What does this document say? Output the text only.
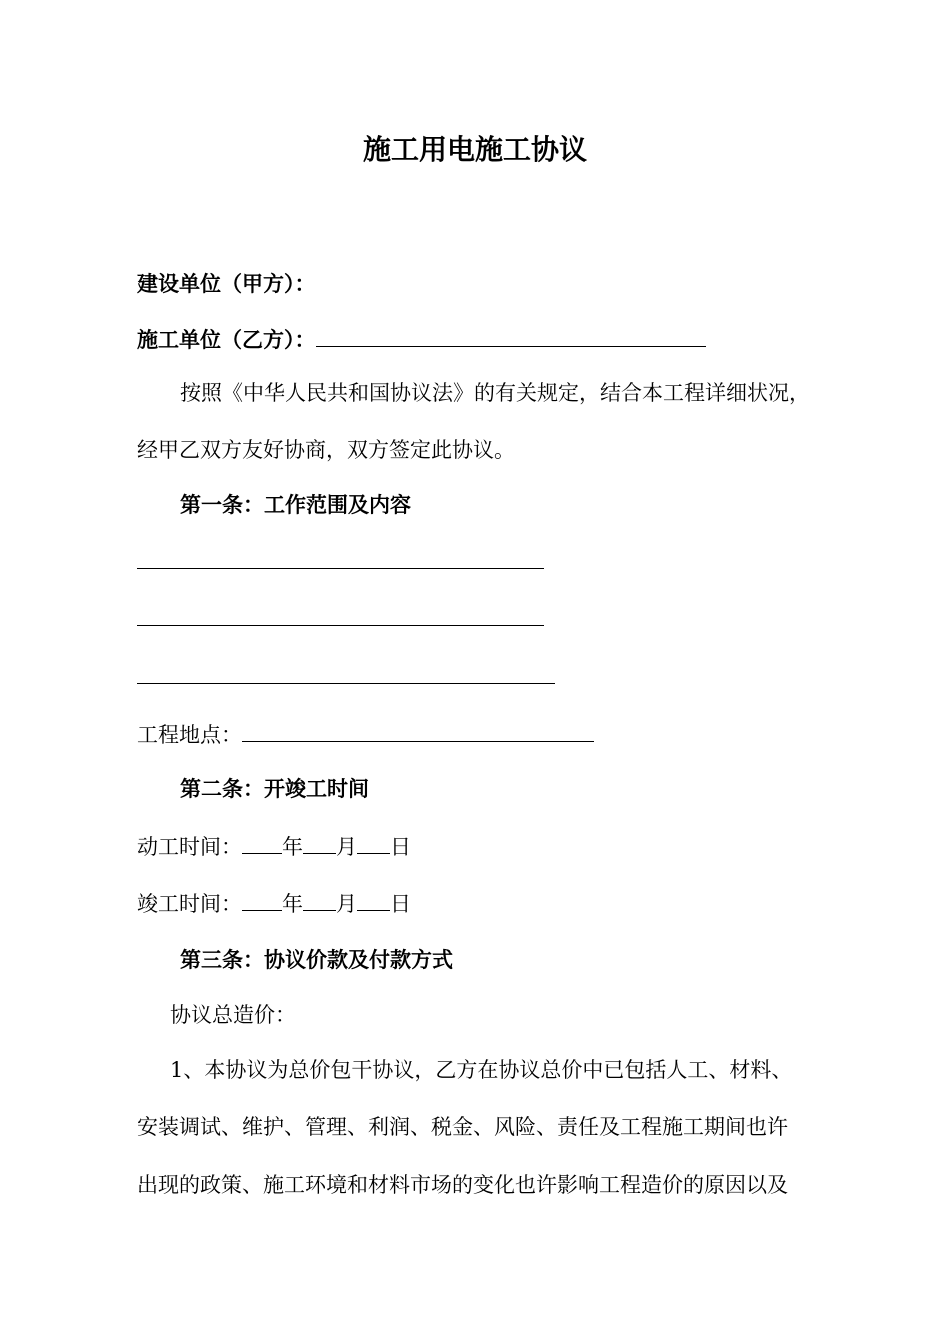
施工用电施工协议
建设单位（甲方）：
施工单位（乙方）：
按照《中华人民共和国协议法》的有关规定，结合本工程详细状况，
经甲乙双方友好协商，双方签定此协议。
第一条：工作范围及内容
工程地点：
第二条：开竣工时间
动工时间： 年 月 日
竣工时间： 年 月 日
第三条：协议价款及付款方式
协议总造价：
1、本协议为总价包干协议，乙方在协议总价中已包括人工、材料、
安装调试、维护、管理、利润、税金、风险、责任及工程施工期间也许
出现的政策、施工环境和材料市场的变化也许影响工程造价的原因以及
